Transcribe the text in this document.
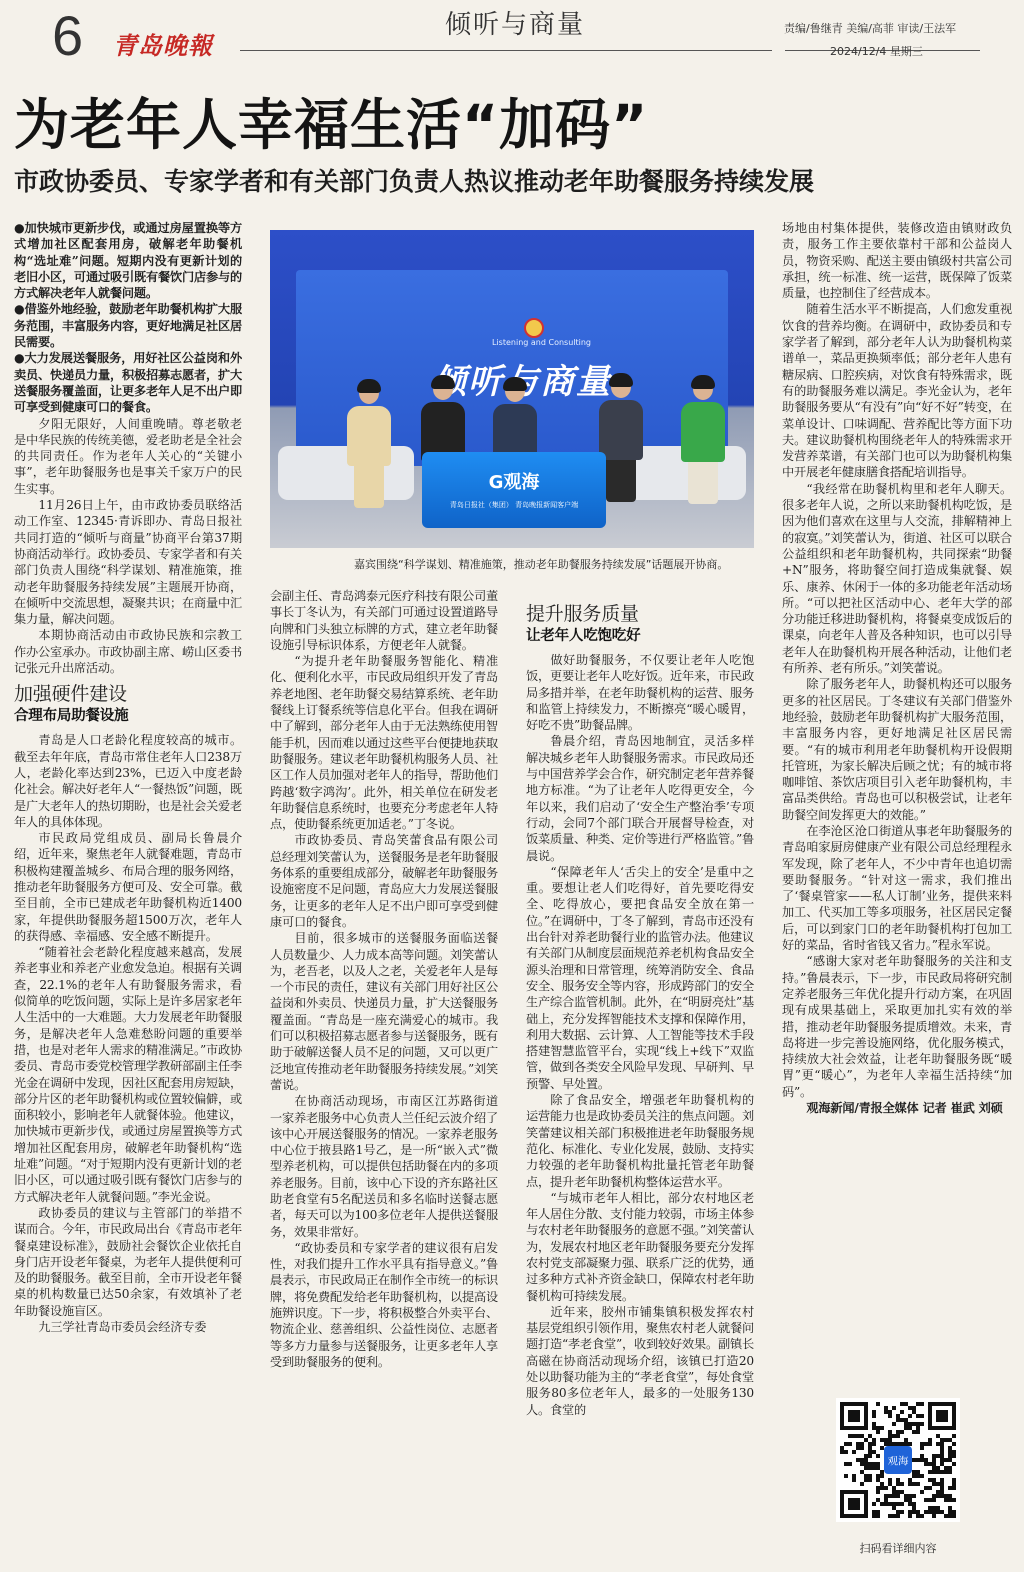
6 青岛晚報
倾听与商量	责编/鲁继青 美编/高菲 审读/王法军
2024/12/4 星期三
为老年人幸福生活“加码”
市政协委员、专家学者和有关部门负责人热议推动老年助餐服务持续发展

●加快城市更新步伐，或通过房屋置换等方式增加社区配套用房，破解老年助餐机构“选址难”问题。短期内没有更新计划的老旧小区，可通过吸引既有餐饮门店参与的方式解决老年人就餐问题。

●借鉴外地经验，鼓励老年助餐机构扩大服务范围，丰富服务内容，更好地满足社区居民需要。

●大力发展送餐服务，用好社区公益岗和外卖员、快递员力量，积极招募志愿者，扩大送餐服务覆盖面，让更多老年人足不出户即可享受到健康可口的餐食。

夕阳无限好，人间重晚晴。尊老敬老是中华民族的传统美德，爱老助老是全社会的共同责任。作为老年人关心的“关键小事”，老年助餐服务也是事关千家万户的民生实事。

11月26日上午，由市政协委员联络活动工作室、12345·青诉即办、青岛日报社共同打造的“倾听与商量”协商平台第37期协商活动举行。政协委员、专家学者和有关部门负责人围绕“科学谋划、精准施策，推动老年助餐服务持续发展”主题展开协商，在倾听中交流思想，凝聚共识；在商量中汇集力量，解决问题。

本期协商活动由市政协民族和宗教工作办公室承办。市政协副主席、崂山区委书记张元升出席活动。

加强硬件建设
合理布局助餐设施

青岛是人口老龄化程度较高的城市。截至去年年底，青岛市常住老年人口238万人，老龄化率达到23%，已迈入中度老龄化社会。解决好老年人“一餐热饭”问题，既是广大老年人的热切期盼，也是社会关爱老年人的具体体现。

市民政局党组成员、副局长鲁晨介绍，近年来，聚焦老年人就餐难题，青岛市积极构建覆盖城乡、布局合理的服务网络，推动老年助餐服务方便可及、安全可靠。截至目前，全市已建成老年助餐机构近1400家，年提供助餐服务超1500万次，老年人的获得感、幸福感、安全感不断提升。

“随着社会老龄化程度越来越高，发展养老事业和养老产业愈发急迫。根据有关调查，22.1%的老年人有助餐服务需求，看似简单的吃饭问题，实际上是许多居家老年人生活中的一大难题。大力发展老年助餐服务，是解决老年人急难愁盼问题的重要举措，也是对老年人需求的精准满足。”市政协委员、青岛市委党校管理学教研部副主任李光金在调研中发现，因社区配套用房短缺，部分片区的老年助餐机构或位置较偏僻，或面积较小，影响老年人就餐体验。他建议，加快城市更新步伐，或通过房屋置换等方式增加社区配套用房，破解老年助餐机构“选址难”问题。“对于短期内没有更新计划的老旧小区，可以通过吸引既有餐饮门店参与的方式解决老年人就餐问题。”李光金说。

政协委员的建议与主管部门的举措不谋而合。今年，市民政局出台《青岛市老年餐桌建设标准》，鼓励社会餐饮企业依托自身门店开设老年餐桌，为老年人提供便利可及的助餐服务。截至目前，全市开设老年餐桌的机构数量已达50余家，有效填补了老年助餐设施盲区。

九三学社青岛市委员会经济专委

Listening and Consulting
G观海
青岛日报社（集团） 青岛晚报新闻客户端
嘉宾围绕“科学谋划、精准施策，推动老年助餐服务持续发展”话题展开协商。

会副主任、青岛鸿泰元医疗科技有限公司董事长丁冬认为，有关部门可通过设置道路导向牌和门头独立标牌的方式，建立老年助餐设施引导标识体系，方便老年人就餐。

“为提升老年助餐服务智能化、精准化、便利化水平，市民政局组织开发了青岛养老地图、老年助餐交易结算系统、老年助餐线上订餐系统等信息化平台。但我在调研中了解到，部分老年人由于无法熟练使用智能手机，因而难以通过这些平台便捷地获取助餐服务。建议老年助餐机构服务人员、社区工作人员加强对老年人的指导，帮助他们跨越‘数字鸿沟’。此外，相关单位在研发老年助餐信息系统时，也要充分考虑老年人特点，使助餐系统更加适老。”丁冬说。

市政协委员、青岛笑蕾食品有限公司总经理刘笑蕾认为，送餐服务是老年助餐服务体系的重要组成部分，破解老年助餐服务设施密度不足问题，青岛应大力发展送餐服务，让更多的老年人足不出户即可享受到健康可口的餐食。

目前，很多城市的送餐服务面临送餐人员数量少、人力成本高等问题。刘笑蕾认为，老吾老，以及人之老，关爱老年人是每一个市民的责任，建议有关部门用好社区公益岗和外卖员、快递员力量，扩大送餐服务覆盖面。“青岛是一座充满爱心的城市。我们可以积极招募志愿者参与送餐服务，既有助于破解送餐人员不足的问题，又可以更广泛地宣传推动老年助餐服务持续发展。”刘笑蕾说。

在协商活动现场，市南区江苏路街道一家养老服务中心负责人兰任纪云波介绍了该中心开展送餐服务的情况。一家养老服务中心位于掖县路1号乙，是一所“嵌入式”微型养老机构，可以提供包括助餐在内的多项养老服务。目前，该中心下设的齐东路社区助老食堂有5名配送员和多名临时送餐志愿者，每天可以为100多位老年人提供送餐服务，效果非常好。

“政协委员和专家学者的建议很有启发性，对我们提升工作水平具有指导意义。”鲁晨表示，市民政局正在制作全市统一的标识牌，将免费配发给老年助餐机构，以提高设施辨识度。下一步，将积极整合外卖平台、物流企业、慈善组织、公益性岗位、志愿者等多方力量参与送餐服务，让更多老年人享受到助餐服务的便利。

提升服务质量
让老年人吃饱吃好

做好助餐服务，不仅要让老年人吃饱饭，更要让老年人吃好饭。近年来，市民政局多措并举，在老年助餐机构的运营、服务和监管上持续发力，不断擦亮“暖心暖胃，好吃不贵”助餐品牌。

鲁晨介绍，青岛因地制宜，灵活多样解决城乡老年人助餐服务需求。市民政局还与中国营养学会合作，研究制定老年营养餐地方标准。“为了让老年人吃得更安全，今年以来，我们启动了‘安全生产整治季’专项行动，会同7个部门联合开展督导检查，对饭菜质量、种类、定价等进行严格监管。”鲁晨说。

“保障老年人‘舌尖上的安全’是重中之重。要想让老人们吃得好，首先要吃得安全、吃得放心，要把食品安全放在第一位。”在调研中，丁冬了解到，青岛市还没有出台针对养老助餐行业的监管办法。他建议有关部门从制度层面规范养老机构食品安全源头治理和日常管理，统筹消防安全、食品安全、服务安全等内容，形成跨部门的安全生产综合监管机制。此外，在“明厨亮灶”基础上，充分发挥智能技术支撑和保障作用，利用大数据、云计算、人工智能等技术手段搭建智慧监管平台，实现“线上+线下”双监管，做到各类安全风险早发现、早研判、早预警、早处置。

除了食品安全，增强老年助餐机构的运营能力也是政协委员关注的焦点问题。刘笑蕾建议相关部门积极推进老年助餐服务规范化、标准化、专业化发展，鼓励、支持实力较强的老年助餐机构批量托管老年助餐点，提升老年助餐机构整体运营水平。

“与城市老年人相比，部分农村地区老年人居住分散、支付能力较弱，市场主体参与农村老年助餐服务的意愿不强。”刘笑蕾认为，发展农村地区老年助餐服务要充分发挥农村党支部凝聚力强、联系广泛的优势，通过多种方式补齐资金缺口，保障农村老年助餐机构可持续发展。

近年来，胶州市铺集镇积极发挥农村基层党组织引领作用，聚焦农村老人就餐问题打造“孝老食堂”，收到较好效果。副镇长高磁在协商活动现场介绍，该镇已打造20处以助餐功能为主的“孝老食堂”，每处食堂服务80多位老年人，最多的一处服务130人。食堂的

场地由村集体提供，装修改造由镇财政负责，服务工作主要依靠村干部和公益岗人员，物资采购、配送主要由镇级村共富公司承担，统一标准、统一运营，既保障了饭菜质量，也控制住了经营成本。

随着生活水平不断提高，人们愈发重视饮食的营养均衡。在调研中，政协委员和专家学者了解到，部分老年人认为助餐机构菜谱单一，菜品更换频率低；部分老年人患有糖尿病、口腔疾病，对饮食有特殊需求，既有的助餐服务难以满足。李光金认为，老年助餐服务要从“有没有”向“好不好”转变，在菜单设计、口味调配、营养配比等方面下功夫。建议助餐机构围绕老年人的特殊需求开发营养菜谱，有关部门也可以为助餐机构集中开展老年健康膳食搭配培训指导。

“我经常在助餐机构里和老年人聊天。很多老年人说，之所以来助餐机构吃饭，是因为他们喜欢在这里与人交流，排解精神上的寂寞。”刘笑蕾认为，街道、社区可以联合公益组织和老年助餐机构，共同探索“助餐+N”服务，将助餐空间打造成集就餐、娱乐、康养、休闲于一体的多功能老年活动场所。“可以把社区活动中心、老年大学的部分功能迁移进助餐机构，将餐桌变成饭后的课桌，向老年人普及各种知识，也可以引导老年人在助餐机构开展各种活动，让他们老有所养、老有所乐。”刘笑蕾说。

除了服务老年人，助餐机构还可以服务更多的社区居民。丁冬建议有关部门借鉴外地经验，鼓励老年助餐机构扩大服务范围，丰富服务内容，更好地满足社区居民需要。“有的城市利用老年助餐机构开设假期托管班，为家长解决后顾之忧；有的城市将咖啡馆、茶饮店项目引入老年助餐机构，丰富品类供给。青岛也可以积极尝试，让老年助餐空间发挥更大的效能。”

在李沧区沧口街道从事老年助餐服务的青岛咱家厨房健康产业有限公司总经理程永军发现，除了老年人，不少中青年也追切需要助餐服务。“针对这一需求，我们推出了‘餐桌管家——私人订制’业务，提供来料加工、代买加工等多项服务，社区居民定餐后，可以到家门口的老年助餐机构打包加工好的菜品，省时省钱又省力。”程永军说。

“感谢大家对老年助餐服务的关注和支持。”鲁晨表示，下一步，市民政局将研究制定养老服务三年优化提升行动方案，在巩固现有成果基础上，采取更加扎实有效的举措，推动老年助餐服务提质增效。未来，青岛将进一步完善设施网络，优化服务模式，持续放大社会效益，让老年助餐服务既“暖胃”更“暖心”，为老年人幸福生活持续“加码”。

观海新闻/青报全媒体 记者 崔武 刘硕

观海
扫码看详细内容
